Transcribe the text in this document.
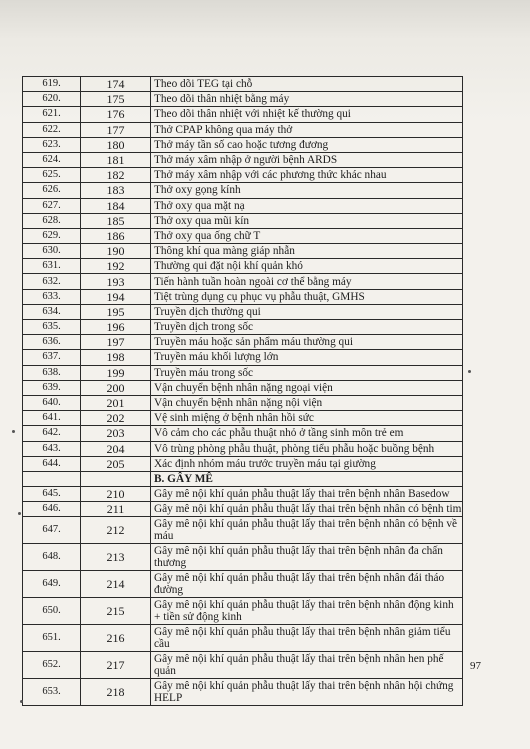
619.	174	Theo dõi TEG tại chỗ
620.	175	Theo dõi thân nhiệt bằng máy
621.	176	Theo dõi thân nhiệt với nhiệt kế thường qui
622.	177	Thở CPAP không qua máy thở
623.	180	Thở máy tần số cao hoặc tương đương
624.	181	Thở máy xâm nhập ở người bệnh ARDS
625.	182	Thở máy xâm nhập với các phương thức khác nhau
626.	183	Thở oxy gọng kính
627.	184	Thở oxy qua mặt nạ
628.	185	Thở oxy qua mũi kín
629.	186	Thở oxy qua ống chữ T
630.	190	Thông khí qua màng giáp nhẫn
631.	192	Thường qui đặt nội khí quản khó
632.	193	Tiến hành tuần hoàn ngoài cơ thể bằng máy
633.	194	Tiệt trùng dụng cụ phục vụ phẫu thuật, GMHS
634.	195	Truyền dịch thường qui
635.	196	Truyền dịch trong sốc
636.	197	Truyền máu hoặc sản phẩm máu thường qui
637.	198	Truyền máu khối lượng lớn
638.	199	Truyền máu trong sốc
639.	200	Vận chuyển bệnh nhân nặng ngoại viện
640.	201	Vận chuyển bệnh nhân nặng nội viện
641.	202	Vệ sinh miệng ở bệnh nhân hồi sức
642.	203	Vô cảm cho các phẫu thuật nhỏ ở tầng sinh môn trẻ em
643.	204	Vô trùng phòng phẫu thuật, phòng tiểu phẫu hoặc buồng bệnh
644.	205	Xác định nhóm máu trước truyền máu tại giường
		B. GÂY MÊ
645.	210	Gây mê nội khí quản phẫu thuật lấy thai trên bệnh nhân Basedow
646.	211	Gây mê nội khí quản phẫu thuật lấy thai trên bệnh nhân có bệnh tim
647.	212	Gây mê nội khí quản phẫu thuật lấy thai trên bệnh nhân có bệnh về máu
648.	213	Gây mê nội khí quản phẫu thuật lấy thai trên bệnh nhân đa chấn thương
649.	214	Gây mê nội khí quản phẫu thuật lấy thai trên bệnh nhân đái tháo đường
650.	215	Gây mê nội khí quản phẫu thuật lấy thai trên bệnh nhân động kinh + tiền sử động kinh
651.	216	Gây mê nội khí quản phẫu thuật lấy thai trên bệnh nhân giảm tiểu cầu
652.	217	Gây mê nội khí quản phẫu thuật lấy thai trên bệnh nhân hen phế quản
653.	218	Gây mê nội khí quản phẫu thuật lấy thai trên bệnh nhân hội chứng HELP
97
